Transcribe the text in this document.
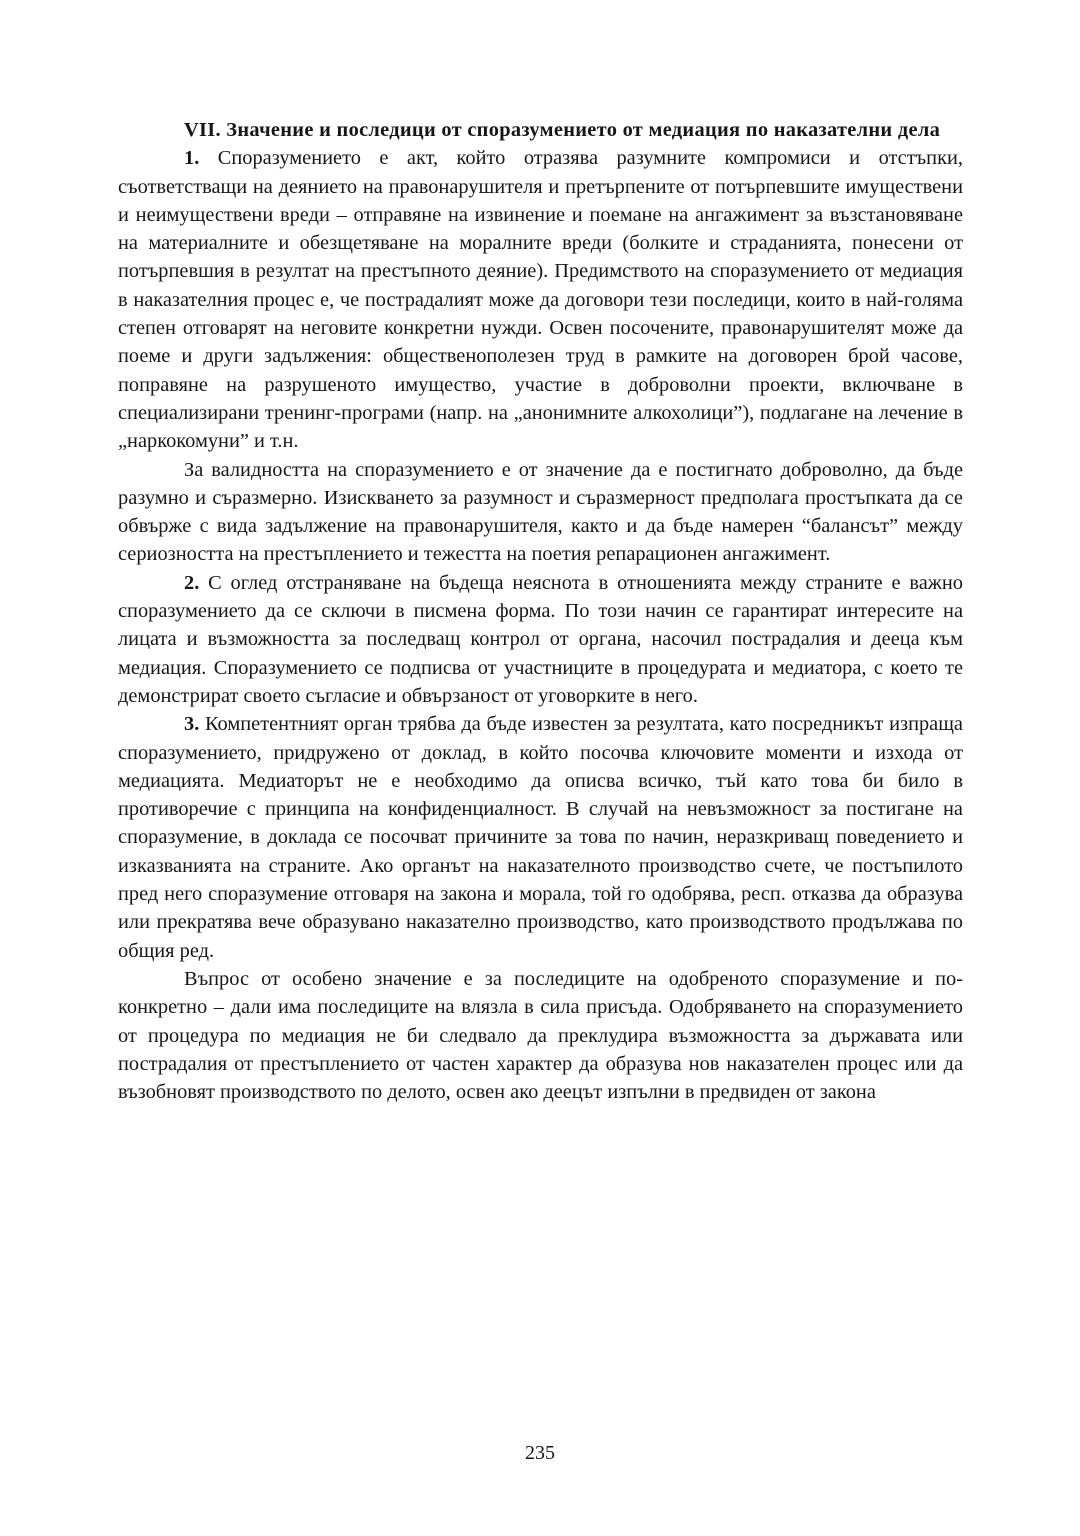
VII. Значение и последици от споразумението от медиация по наказателни дела

1. Споразумението е акт, който отразява разумните компромиси и отстъпки, съответстващи на деянието на правонарушителя и претърпените от потърпевшите имуществени и неимуществени вреди – отправяне на извинение и поемане на ангажимент за възстановяване на материалните и обезщетяване на моралните вреди (болките и страданията, понесени от потърпевшия в резултат на престъпното деяние). Предимството на споразумението от медиация в наказателния процес е, че пострадалият може да договори тези последици, които в най-голяма степен отговарят на неговите конкретни нужди. Освен посочените, правонарушителят може да поеме и други задължения: общественополезен труд в рамките на договорен брой часове, поправяне на разрушеното имущество, участие в доброволни проекти, включване в специализирани тренинг-програми (напр. на „анонимните алкохолици”), подлагане на лечение в „наркокомуни” и т.н.

За валидността на споразумението е от значение да е постигнато доброволно, да бъде разумно и съразмерно. Изискването за разумност и съразмерност предполага простъпката да се обвърже с вида задължение на правонарушителя, както и да бъде намерен “балансът” между сериозността на престъплението и тежестта на поетия репарационен ангажимент.

2. С оглед отстраняване на бъдеща неяснота в отношенията между страните е важно споразумението да се сключи в писмена форма. По този начин се гарантират интересите на лицата и възможността за последващ контрол от органа, насочил пострадалия и дееца към медиация. Споразумението се подписва от участниците в процедурата и медиатора, с което те демонстрират своето съгласие и обвързаност от уговорките в него.

3. Компетентният орган трябва да бъде известен за резултата, като посредникът изпраща споразумението, придружено от доклад, в който посочва ключовите моменти и изхода от медиацията. Медиаторът не е необходимо да описва всичко, тъй като това би било в противоречие с принципа на конфиденциалност. В случай на невъзможност за постигане на споразумение, в доклада се посочват причините за това по начин, неразкриващ поведението и изказванията на страните. Ако органът на наказателното производство счете, че постъпилото пред него споразумение отговаря на закона и морала, той го одобрява, респ. отказва да образува или прекратява вече образувано наказателно производство, като производството продължава по общия ред.

Въпрос от особено значение е за последиците на одобреното споразумение и по-конкретно – дали има последиците на влязла в сила присъда. Одобряването на споразумението от процедура по медиация не би следвало да преклудира възможността за държавата или пострадалия от престъплението от частен характер да образува нов наказателен процес или да възобновят производството по делото, освен ако деецът изпълни в предвиден от закона

235
